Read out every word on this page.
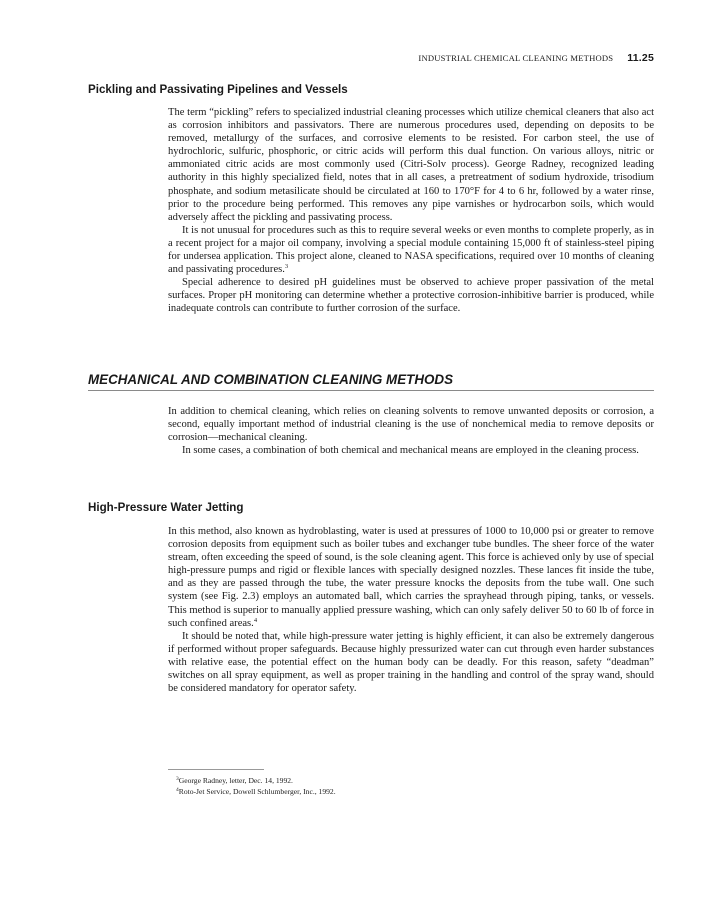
INDUSTRIAL CHEMICAL CLEANING METHODS 11.25
Pickling and Passivating Pipelines and Vessels

The term “pickling” refers to specialized industrial cleaning processes which utilize chemical cleaners that also act as corrosion inhibitors and passivators. There are numerous procedures used, depending on deposits to be removed, metallurgy of the surfaces, and corrosive elements to be resisted. For carbon steel, the use of hydrochloric, sulfuric, phosphoric, or citric acids will perform this dual function. On various alloys, nitric or ammoniated citric acids are most commonly used (Citri-Solv process). George Radney, recognized leading authority in this highly specialized field, notes that in all cases, a pretreatment of sodium hydroxide, trisodium phosphate, and sodium metasilicate should be circulated at 160 to 170°F for 4 to 6 hr, followed by a water rinse, prior to the procedure being performed. This removes any pipe varnishes or hydrocarbon soils, which would adversely affect the pickling and passivating process.

It is not unusual for procedures such as this to require several weeks or even months to complete properly, as in a recent project for a major oil company, involving a special module containing 15,000 ft of stainless-steel piping for undersea application. This project alone, cleaned to NASA specifications, required over 10 months of cleaning and passivating procedures.$^3$

Special adherence to desired pH guidelines must be observed to achieve proper passivation of the metal surfaces. Proper pH monitoring can determine whether a protective corrosion-inhibitive barrier is produced, while inadequate controls can contribute to further corrosion of the surface.

MECHANICAL AND COMBINATION CLEANING METHODS

In addition to chemical cleaning, which relies on cleaning solvents to remove unwanted deposits or corrosion, a second, equally important method of industrial cleaning is the use of nonchemical media to remove deposits or corrosion—mechanical cleaning.

In some cases, a combination of both chemical and mechanical means are employed in the cleaning process.

High-Pressure Water Jetting

In this method, also known as hydroblasting, water is used at pressures of 1000 to 10,000 psi or greater to remove corrosion deposits from equipment such as boiler tubes and exchanger tube bundles. The sheer force of the water stream, often exceeding the speed of sound, is the sole cleaning agent. This force is achieved only by use of special high-pressure pumps and rigid or flexible lances with specially designed nozzles. These lances fit inside the tube, and as they are passed through the tube, the water pressure knocks the deposits from the tube wall. One such system (see Fig. 2.3) employs an automated ball, which carries the sprayhead through piping, tanks, or vessels. This method is superior to manually applied pressure washing, which can only safely deliver 50 to 60 lb of force in such confined areas.$^4$

It should be noted that, while high-pressure water jetting is highly efficient, it can also be extremely dangerous if performed without proper safeguards. Because highly pressurized water can cut through even harder substances with relative ease, the potential effect on the human body can be deadly. For this reason, safety “deadman” switches on all spray equipment, as well as proper training in the handling and control of the spray wand, should be considered mandatory for operator safety.

$^3$George Radney, letter, Dec. 14, 1992.
$^4$Roto-Jet Service, Dowell Schlumberger, Inc., 1992.
